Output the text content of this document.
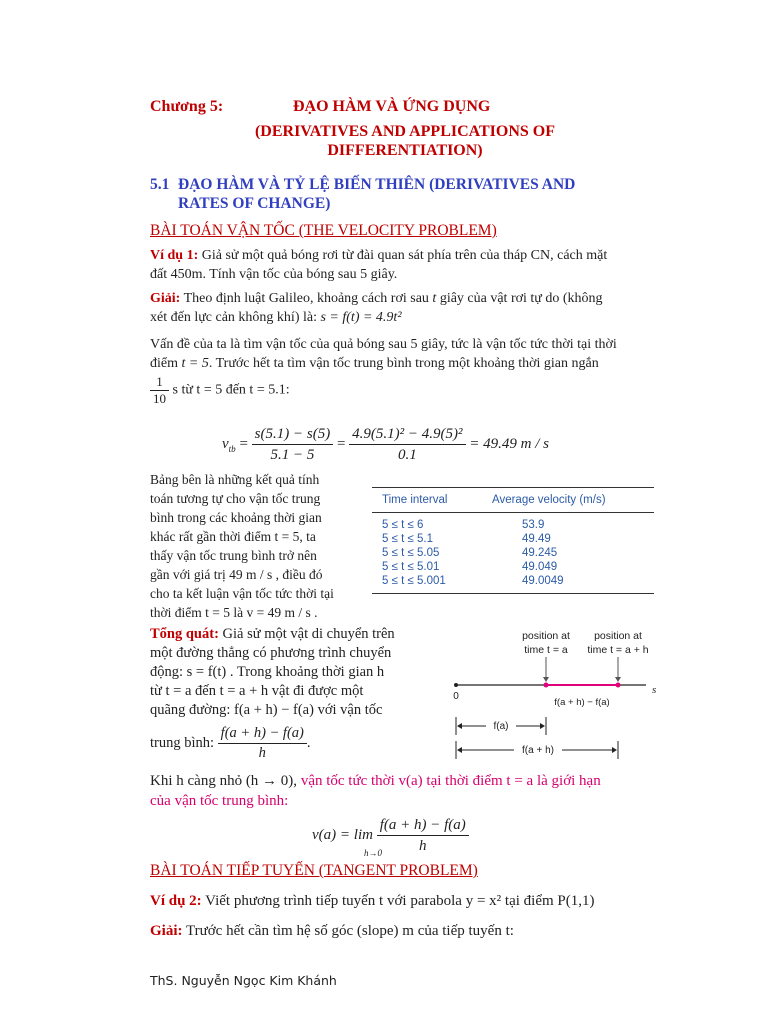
Chương 5:	ĐẠO HÀM VÀ ỨNG DỤNG
(DERIVATIVES AND APPLICATIONS OF
DIFFERENTIATION)
5.1 ĐẠO HÀM VÀ TỶ LỆ BIẾN THIÊN (DERIVATIVES AND
RATES OF CHANGE)
BÀI TOÁN VẬN TỐC (THE VELOCITY PROBLEM)
Ví dụ 1: Giả sử một quả bóng rơi từ đài quan sát phía trên của tháp CN, cách mặt
đất 450m. Tính vận tốc của bóng sau 5 giây.
Giải: Theo định luật Galileo, khoảng cách rơi sau t giây của vật rơi tự do (không
xét đến lực cản không khí) là: s = f(t) = 4.9t²
Vấn đề của ta là tìm vận tốc của quả bóng sau 5 giây, tức là vận tốc tức thời tại thời
điểm t = 5. Trước hết ta tìm vận tốc trung bình trong một khoảng thời gian ngắn
$\frac{1}{10}$ s từ t = 5 đến t = 5.1:
$v_{tb} = \frac{s(5.1) - s(5)}{5.1 - 5} = \frac{\text{4.9(5.1)² − 4.9(5)²}}{0.1} = 49.49$ m / s
Bảng bên là những kết quả tính
toán tương tự cho vận tốc trung
bình trong các khoảng thời gian
khác rất gần thời điểm t = 5, ta
thấy vận tốc trung bình trở nên
gần với giá trị 49 m / s , điều đó
cho ta kết luận vận tốc tức thời tại
thời điểm t = 5 là v = 49 m / s .
Time interval	Average velocity (m/s)
5 ≤ t ≤ 6	53.9
5 ≤ t ≤ 5.1	49.49
5 ≤ t ≤ 5.05	49.245
5 ≤ t ≤ 5.01	49.049
5 ≤ t ≤ 5.001	49.0049
Tổng quát: Giả sử một vật di chuyển trên
một đường thẳng có phương trình chuyển
động: s = f(t) . Trong khoảng thời gian h
từ t = a đến t = a + h vật đi được một
quãng đường: f(a + h) − f(a) với vận tốc
trung bình: $\frac{f(a + h) - f(a)}{h}$ .
position at
time t = a
position at
time t = a + h
0
s
f(a + h) − f(a)
f(a)
f(a + h)
Khi h càng nhỏ (h → 0), vận tốc tức thời v(a) tại thời điểm t = a là giới hạn
của vận tốc trung bình:
v(a) = lim
h→0

$\frac{f(a + h) - f(a)}{h}$
BÀI TOÁN TIẾP TUYẾN (TANGENT PROBLEM)
Ví dụ 2: Viết phương trình tiếp tuyến t với parabola y = x² tại điểm P(1,1)
Giải: Trước hết cần tìm hệ số góc (slope) m của tiếp tuyến t:
ThS. Nguyễn Ngọc Kim Khánh
